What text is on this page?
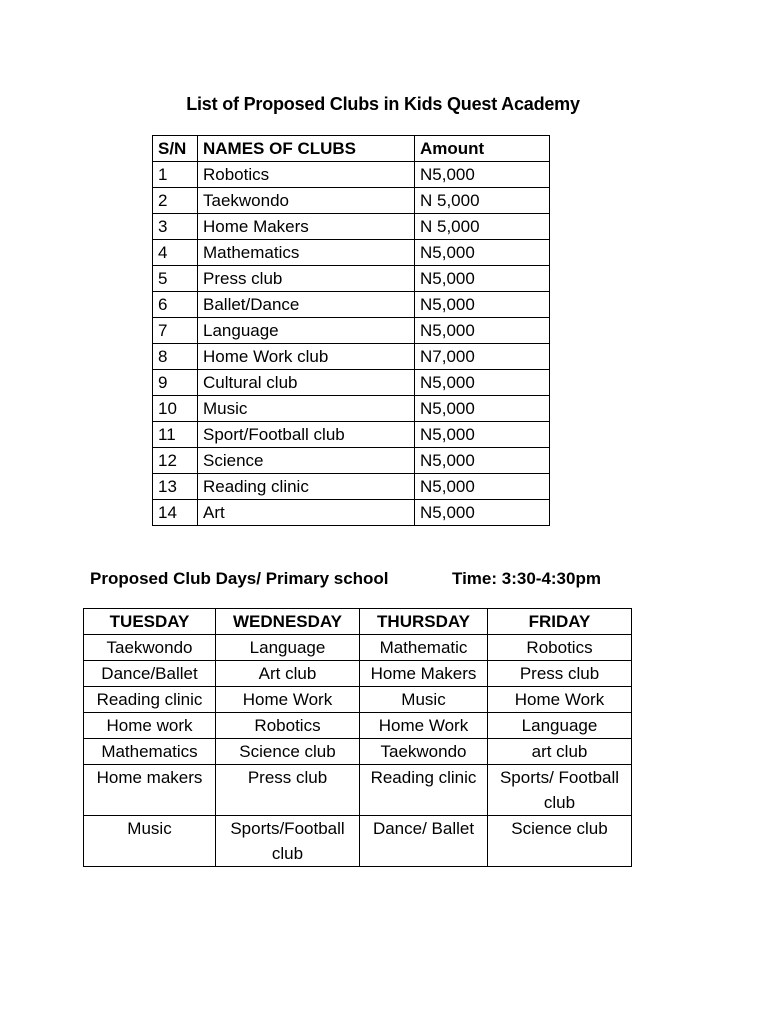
List of Proposed Clubs in Kids Quest Academy
S/N	NAMES OF CLUBS	Amount
1	Robotics	N5,000
2	Taekwondo	N 5,000
3	Home Makers	N 5,000
4	Mathematics	N5,000
5	Press club	N5,000
6	Ballet/Dance	N5,000
7	Language	N5,000
8	Home Work club	N7,000
9	Cultural club	N5,000
10	Music	N5,000
11	Sport/Football club	N5,000
12	Science	N5,000
13	Reading clinic	N5,000
14	Art	N5,000
Proposed Club Days/ Primary school	Time: 3:30-4:30pm
TUESDAY	WEDNESDAY	THURSDAY	FRIDAY
Taekwondo	Language	Mathematic	Robotics
Dance/Ballet	Art club	Home Makers	Press club
Reading clinic	Home Work	Music	Home Work
Home work	Robotics	Home Work	Language
Mathematics	Science club	Taekwondo	art club
Home makers	Press club	Reading clinic	Sports/ Football club
Music	Sports/Football club	Dance/ Ballet	Science club
